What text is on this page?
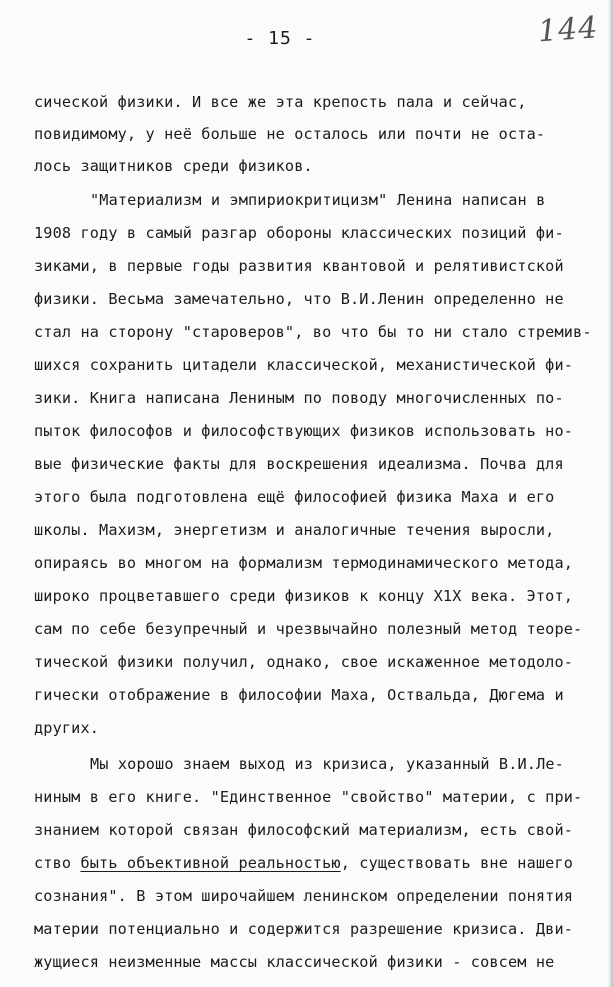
- 15 -	144
сической физики. И все же эта крепость пала и сейчас,
повидимому, у неё больше не осталось или почти не оста-
лось защитников среди физиков.
"Материализм и эмпириокритицизм" Ленина написан в
1908 году в самый разгар обороны классических позиций фи-
зиками, в первые годы развития квантовой и релятивистской
физики. Весьма замечательно, что В.И.Ленин определенно не
стал на сторону "староверов", во что бы то ни стало стремив-
шихся сохранить цитадели классической, механистической фи-
зики. Книга написана Лениным по поводу многочисленных по-
пыток философов и философствующих физиков использовать но-
вые физические факты для воскрешения идеализма. Почва для
этого была подготовлена ещё философией физика Маха и его
школы. Махизм, энергетизм и аналогичные течения выросли,
опираясь во многом на формализм термодинамического метода,
широко процветавшего среди физиков к концу Х1Х века. Этот,
сам по себе безупречный и чрезвычайно полезный метод теоре-
тической физики получил, однако, свое искаженное методоло-
гически отображение в философии Маха, Оствальда, Дюгема и
других.
Мы хорошо знаем выход из кризиса, указанный В.И.Ле-
ниным в его книге. "Единственное "свойство" материи, с при-
знанием которой связан философский материализм, есть свой-
ство быть объективной реальностью, существовать вне нашего
сознания". В этом широчайшем ленинском определении понятия
материи потенциально и содержится разрешение кризиса. Дви-
жущиеся неизменные массы классической физики - совсем не
